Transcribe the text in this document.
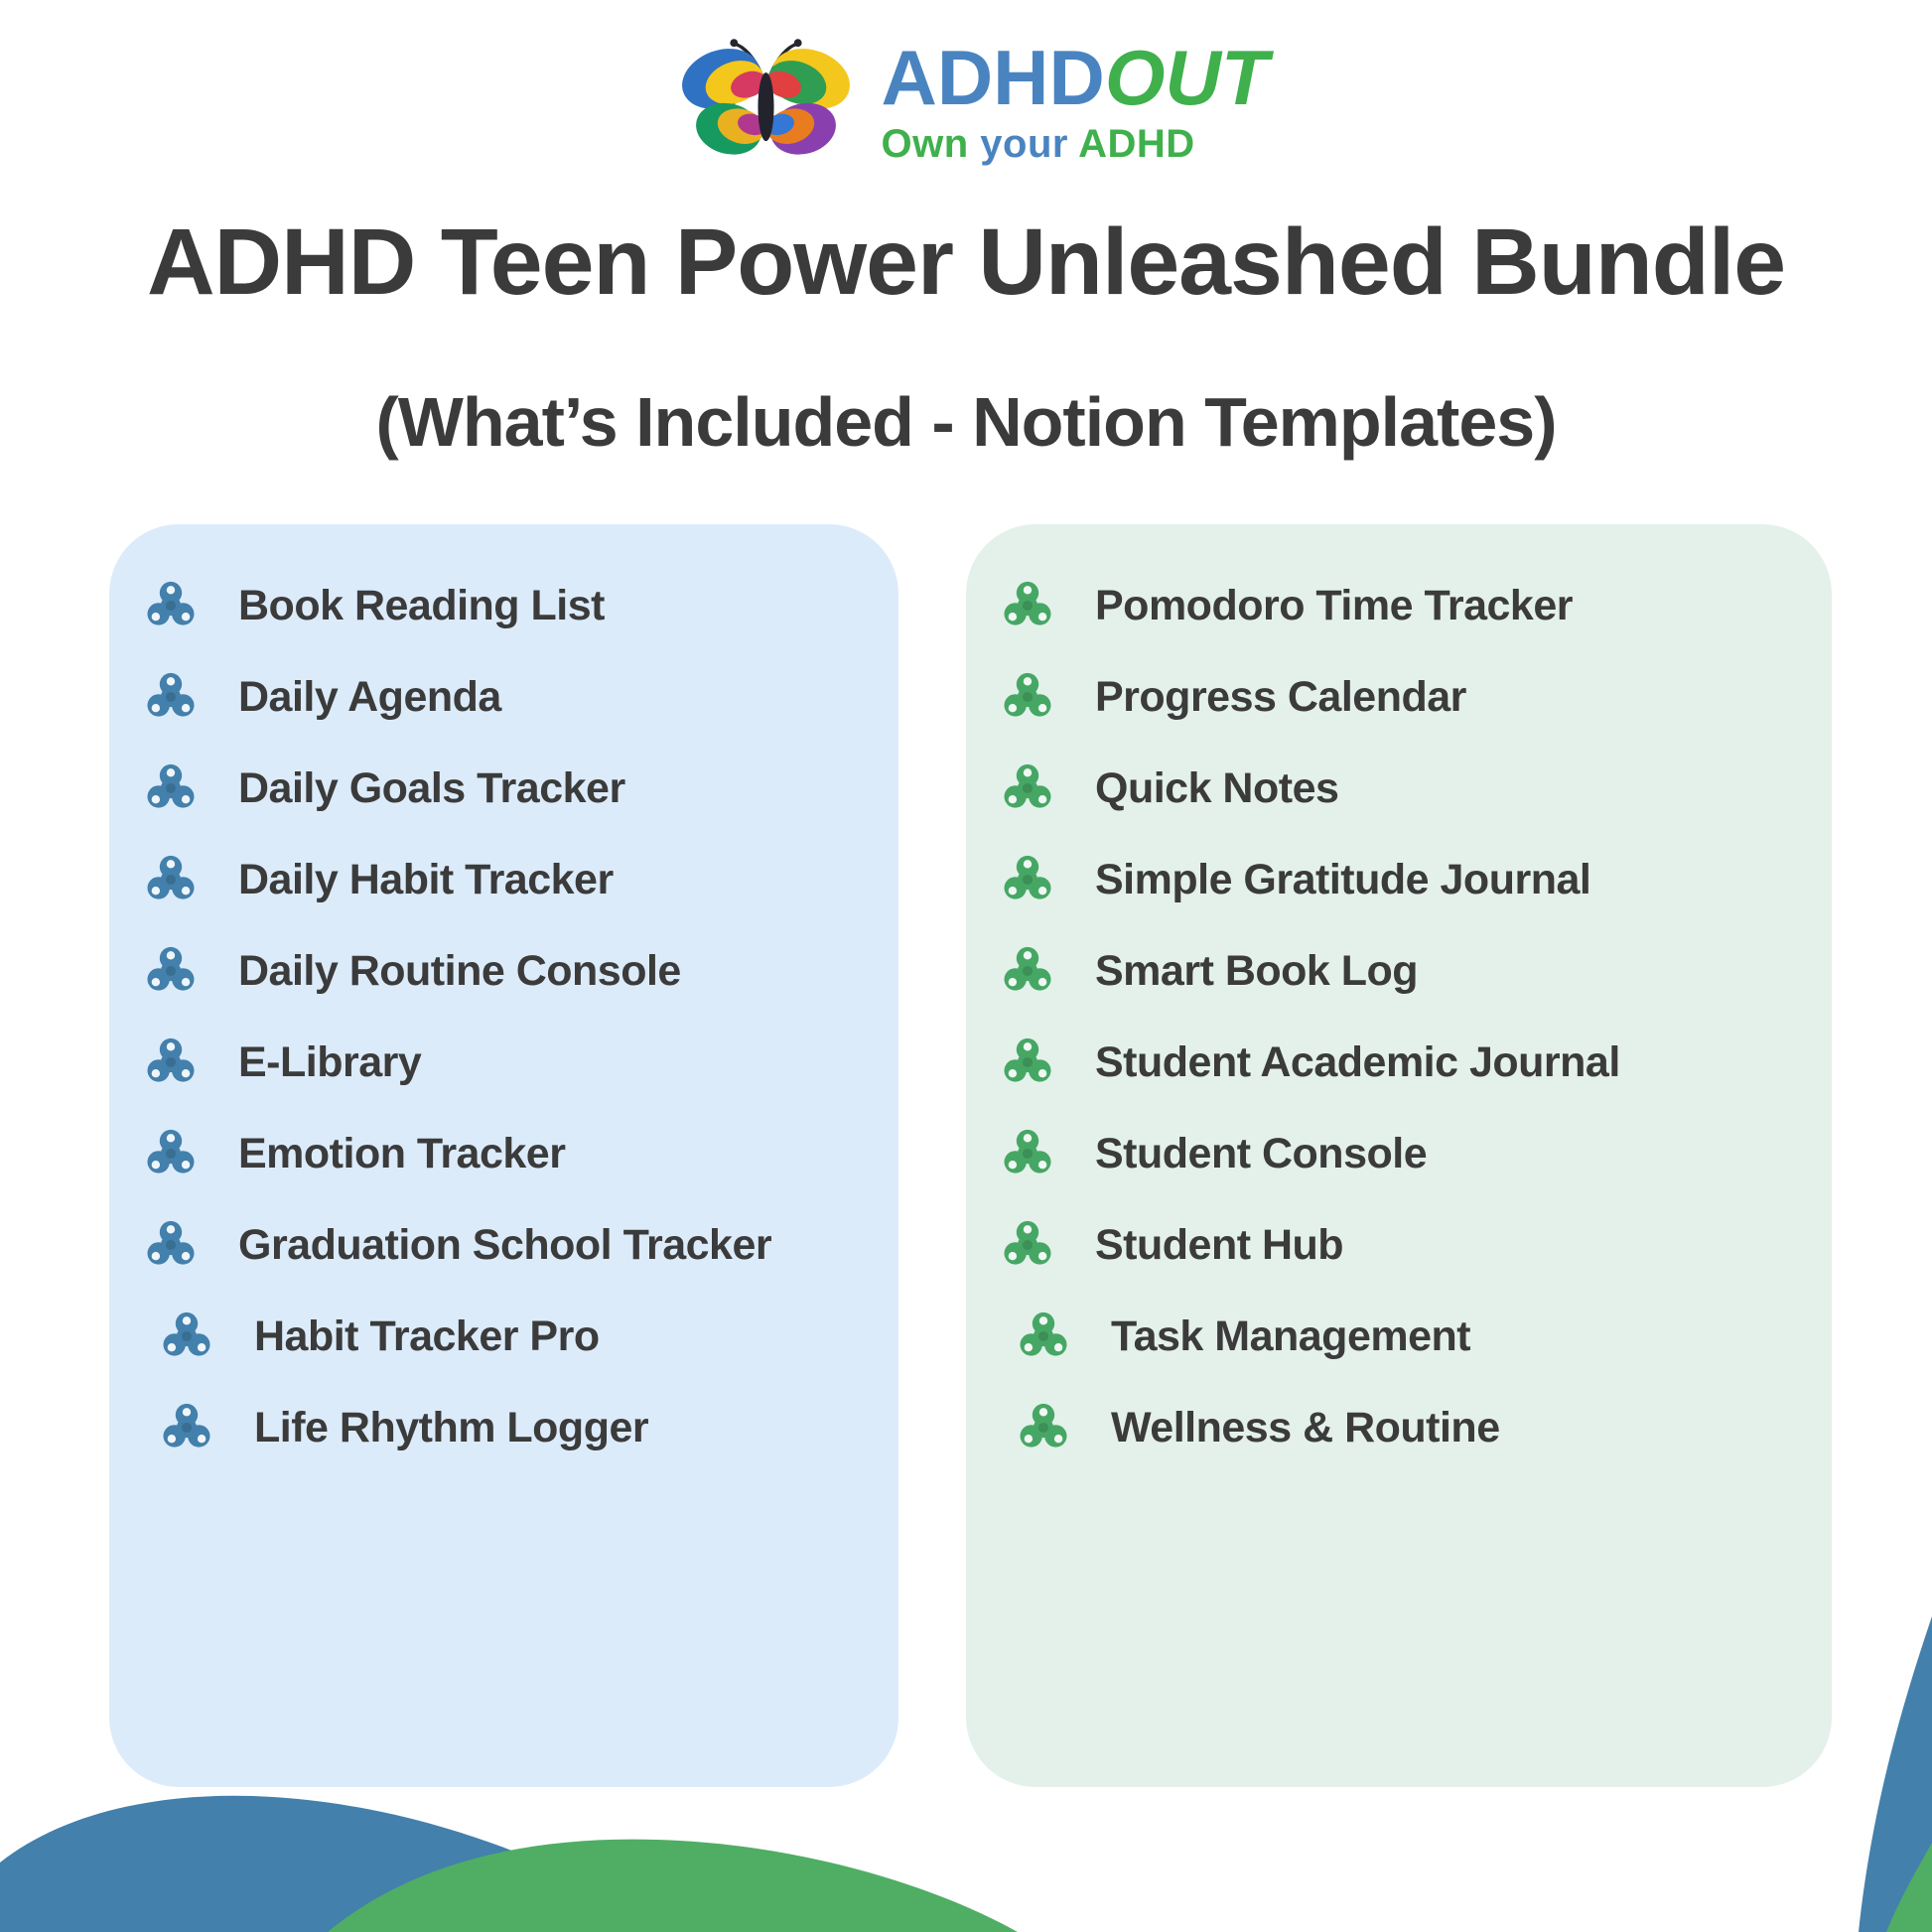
ADHDOUT
Own your ADHD
ADHD Teen Power Unleashed Bundle
(What’s Included - Notion Templates)
Book Reading List
Daily Agenda
Daily Goals Tracker
Daily Habit Tracker
Daily Routine Console
E-Library
Emotion Tracker
Graduation School Tracker
Habit Tracker Pro
Life Rhythm Logger
Pomodoro Time Tracker
Progress Calendar
Quick Notes
Simple Gratitude Journal
Smart Book Log
Student Academic Journal
Student Console
Student Hub
Task Management
Wellness & Routine
